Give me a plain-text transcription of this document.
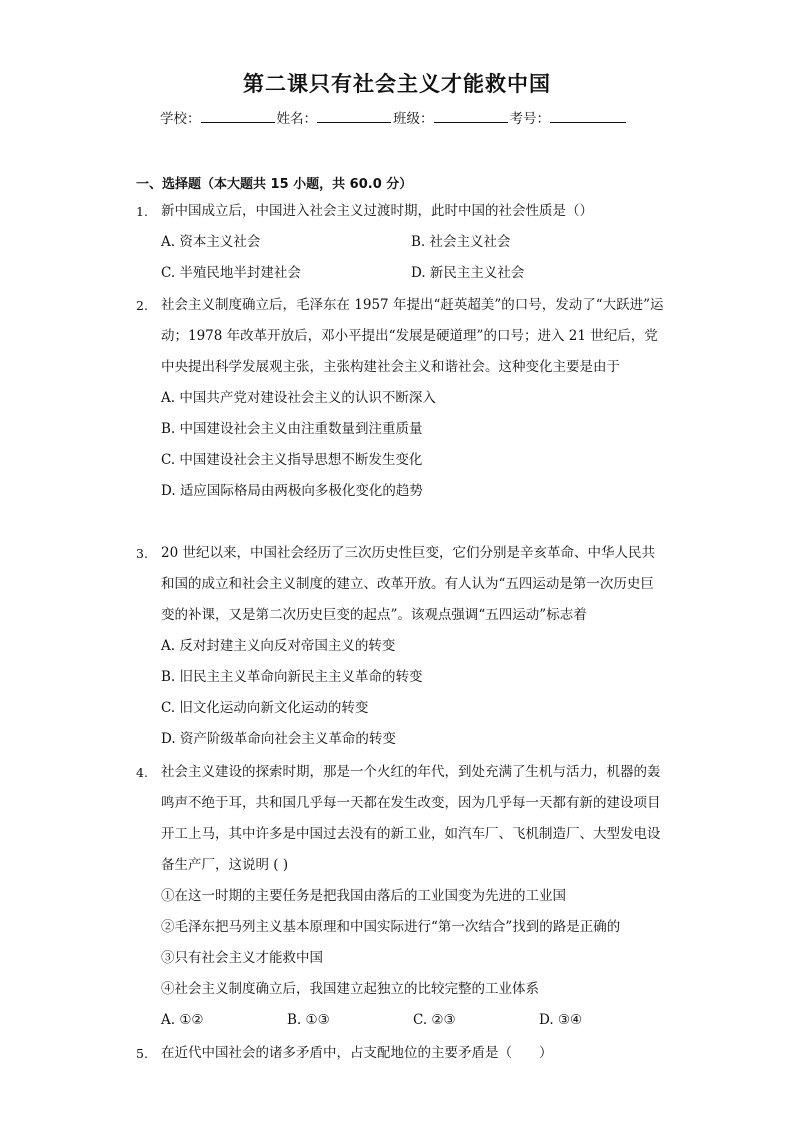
第二课只有社会主义才能救中国
学校：	姓名：	班级：	考号：
一、选择题（本大题共 15 小题，共 60.0 分）
1. 新中国成立后，中国进入社会主义过渡时期，此时中国的社会性质是（）
A. 资本主义社会	B. 社会主义社会
C. 半殖民地半封建社会	D. 新民主主义社会
2. 社会主义制度确立后，毛泽东在 1957 年提出“赶英超美”的口号，发动了“大跃进”运动；1978 年改革开放后，邓小平提出“发展是硬道理”的口号；进入 21 世纪后，党中央提出科学发展观主张，主张构建社会主义和谐社会。这种变化主要是由于
A. 中国共产党对建设社会主义的认识不断深入
B. 中国建设社会主义由注重数量到注重质量
C. 中国建设社会主义指导思想不断发生变化
D. 适应国际格局由两极向多极化变化的趋势
3. 20 世纪以来，中国社会经历了三次历史性巨变，它们分别是辛亥革命、中华人民共和国的成立和社会主义制度的建立、改革开放。有人认为“五四运动是第一次历史巨变的补课，又是第二次历史巨变的起点”。该观点强调“五四运动”标志着
A. 反对封建主义向反对帝国主义的转变
B. 旧民主主义革命向新民主主义革命的转变
C. 旧文化运动向新文化运动的转变
D. 资产阶级革命向社会主义革命的转变
4. 社会主义建设的探索时期，那是一个火红的年代，到处充满了生机与活力，机器的轰鸣声不绝于耳，共和国几乎每一天都在发生改变，因为几乎每一天都有新的建设项目开工上马，其中许多是中国过去没有的新工业，如汽车厂、飞机制造厂、大型发电设备生产厂，这说明 ( )
①在这一时期的主要任务是把我国由落后的工业国变为先进的工业国
②毛泽东把马列主义基本原理和中国实际进行“第一次结合”找到的路是正确的
③只有社会主义才能救中国
④社会主义制度确立后，我国建立起独立的比较完整的工业体系
A. ①②	B. ①③	C. ②③	D. ③④
5. 在近代中国社会的诸多矛盾中，占支配地位的主要矛盾是（　　）
